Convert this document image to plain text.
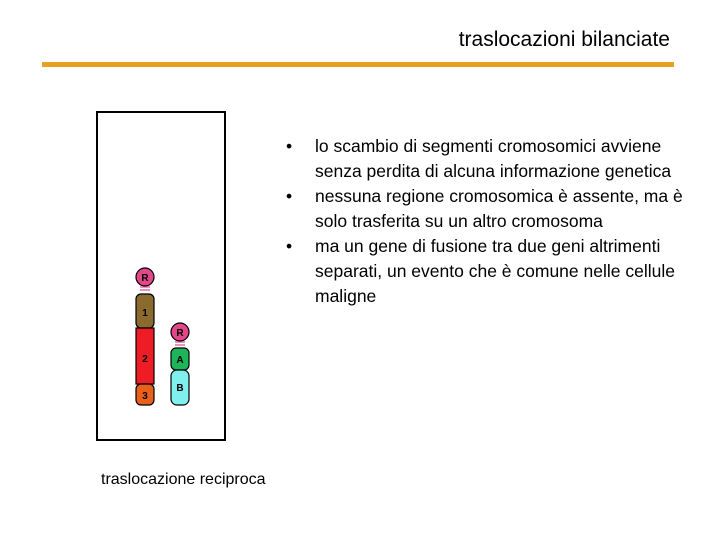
traslocazioni bilanciate
R
1
2
3
R
A
B
traslocazione reciproca
• lo scambio di segmenti cromosomici avviene senza perdita di alcuna informazione genetica
• nessuna regione cromosomica è assente, ma è solo trasferita su un altro cromosoma
• ma un gene di fusione tra due geni altrimenti separati, un evento che è comune nelle cellule maligne
